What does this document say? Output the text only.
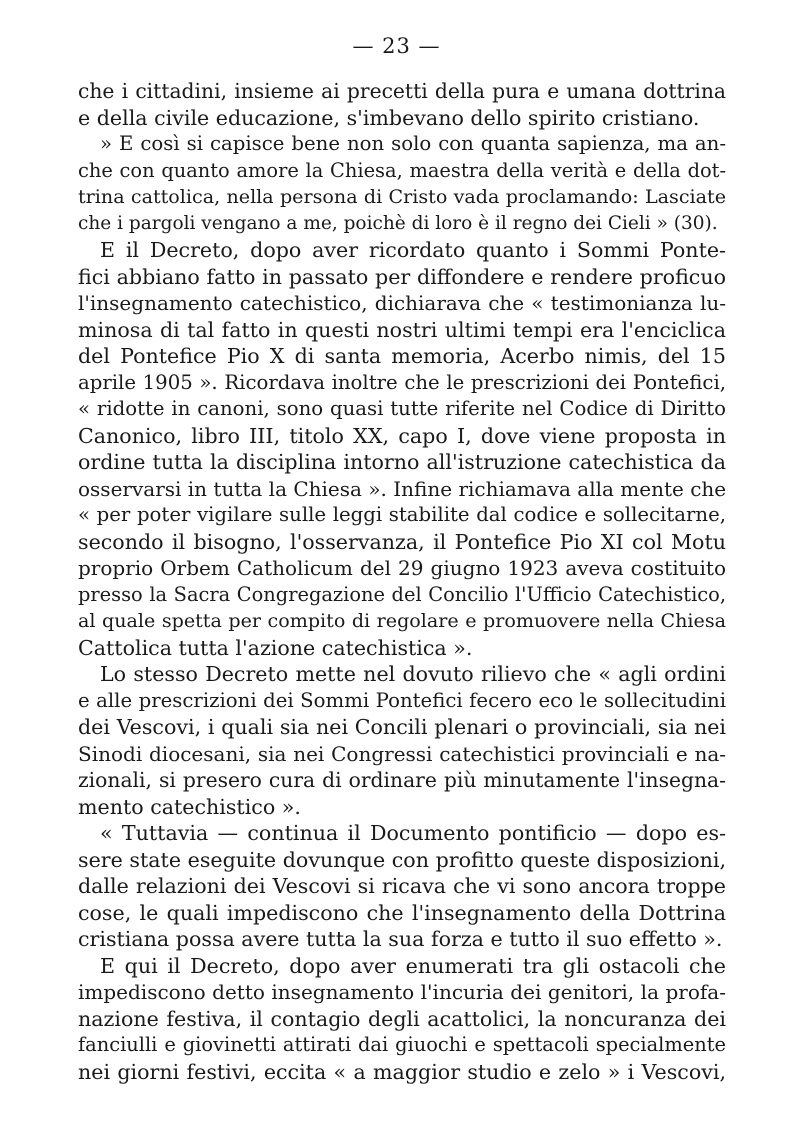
— 23 —
che i cittadini, insieme ai precetti della pura e umana dottrina
e della civile educazione, s'imbevano dello spirito cristiano.
» E così si capisce bene non solo con quanta sapienza, ma an-
che con quanto amore la Chiesa, maestra della verità e della dot-
trina cattolica, nella persona di Cristo vada proclamando: Lasciate
che i pargoli vengano a me, poichè di loro è il regno dei Cieli » (30).
E il Decreto, dopo aver ricordato quanto i Sommi Ponte-
fici abbiano fatto in passato per diffondere e rendere proficuo
l'insegnamento catechistico, dichiarava che « testimonianza lu-
minosa di tal fatto in questi nostri ultimi tempi era l'enciclica
del Pontefice Pio X di santa memoria, Acerbo nimis, del 15
aprile 1905 ». Ricordava inoltre che le prescrizioni dei Pontefici,
« ridotte in canoni, sono quasi tutte riferite nel Codice di Diritto
Canonico, libro III, titolo XX, capo I, dove viene proposta in
ordine tutta la disciplina intorno all'istruzione catechistica da
osservarsi in tutta la Chiesa ». Infine richiamava alla mente che
« per poter vigilare sulle leggi stabilite dal codice e sollecitarne,
secondo il bisogno, l'osservanza, il Pontefice Pio XI col Motu
proprio Orbem Catholicum del 29 giugno 1923 aveva costituito
presso la Sacra Congregazione del Concilio l'Ufficio Catechistico,
al quale spetta per compito di regolare e promuovere nella Chiesa
Cattolica tutta l'azione catechistica ».
Lo stesso Decreto mette nel dovuto rilievo che « agli ordini
e alle prescrizioni dei Sommi Pontefici fecero eco le sollecitudini
dei Vescovi, i quali sia nei Concili plenari o provinciali, sia nei
Sinodi diocesani, sia nei Congressi catechistici provinciali e na-
zionali, si presero cura di ordinare più minutamente l'insegna-
mento catechistico ».
« Tuttavia — continua il Documento pontificio — dopo es-
sere state eseguite dovunque con profitto queste disposizioni,
dalle relazioni dei Vescovi si ricava che vi sono ancora troppe
cose, le quali impediscono che l'insegnamento della Dottrina
cristiana possa avere tutta la sua forza e tutto il suo effetto ».
E qui il Decreto, dopo aver enumerati tra gli ostacoli che
impediscono detto insegnamento l'incuria dei genitori, la profa-
nazione festiva, il contagio degli acattolici, la noncuranza dei
fanciulli e giovinetti attirati dai giuochi e spettacoli specialmente
nei giorni festivi, eccita « a maggior studio e zelo » i Vescovi,
